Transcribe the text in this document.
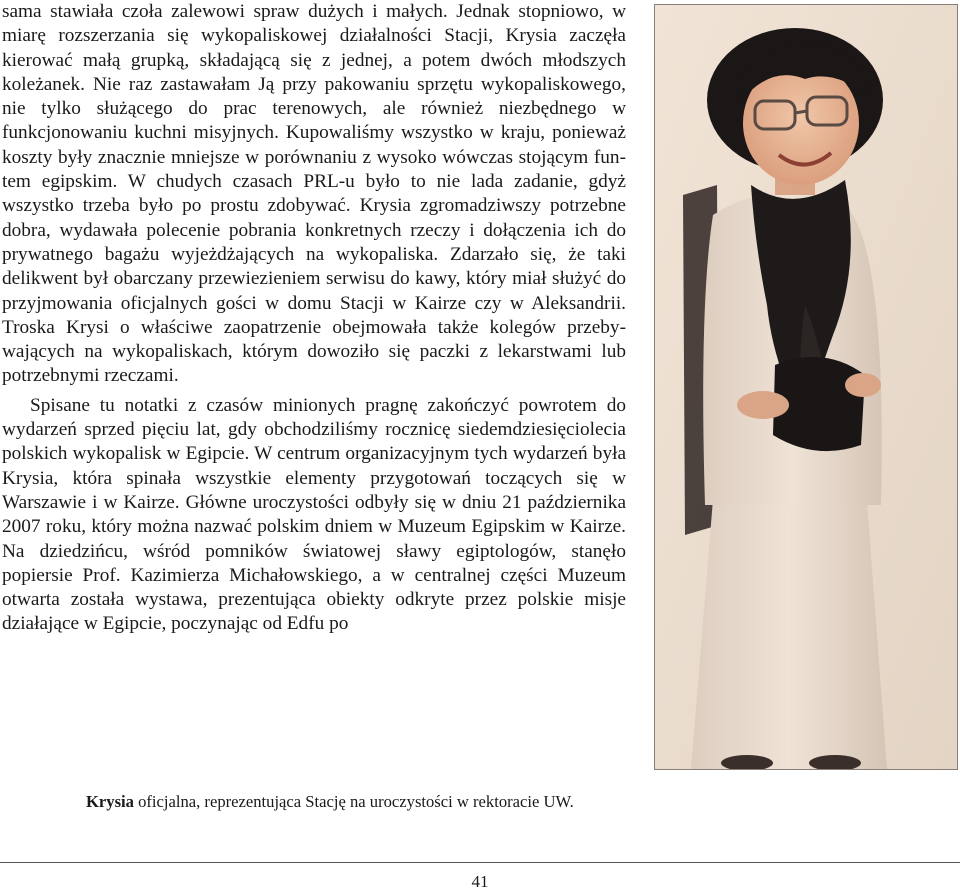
sama stawiała czoła zalewowi spraw dużych i małych. Jednak stopniowo, w miarę rozszerzania się wykopaliskowej działalności Stacji, Krysia zaczęła kierować małą grupką, składającą się z jednej, a potem dwóch młodszych koleżanek. Nie raz zastawałam Ją przy pakowaniu sprzętu wykopaliskowego, nie tylko służącego do prac terenowych, ale również niezbędnego w funkcjonowaniu kuchni misyjnych. Kupowaliśmy wszystko w kraju, ponieważ koszty były znacznie mniejsze w porównaniu z wysoko wówczas stojącym funtem egipskim. W chudych czasach PRL-u było to nie lada zadanie, gdyż wszystko trzeba było po prostu zdobywać. Krysia zgromadziwszy potrzebne dobra, wydawała polecenie pobrania konkretnych rzeczy i dołączenia ich do prywatnego bagażu wyjeżdżających na wykopaliska. Zdarzało się, że taki delikwent był obarczany przewiezieniem serwisu do kawy, który miał służyć do przyjmowania oficjalnych gości w domu Stacji w Kairze czy w Aleksandrii. Troska Krysi o właściwe zaopatrzenie obejmowała także kolegów przebywających na wykopaliskach, którym dowoziło się paczki z lekarstwami lub potrzebnymi rzeczami.

Spisane tu notatki z czasów minionych pragnę zakończyć powrotem do wydarzeń sprzed pięciu lat, gdy obchodziliśmy rocznicę siedemdziesięciolecia polskich wykopalisk w Egipcie. W centrum organizacyjnym tych wydarzeń była Krysia, która spinała wszystkie elementy przygotowań toczących się w Warszawie i w Kairze. Główne uroczystości odbyły się w dniu 21 października 2007 roku, który można nazwać polskim dniem w Muzeum Egipskim w Kairze. Na dziedzińcu, wśród pomników światowej sławy egiptologów, stanęło popiersie Prof. Kazimierza Michałowskiego, a w centralnej części Muzeum otwarta została wystawa, prezentująca obiekty odkryte przez polskie misje działające w Egipcie, poczynając od Edfu po

Krysia oficjalna, reprezentująca Stację na uroczystości w rektoracie UW.

41
